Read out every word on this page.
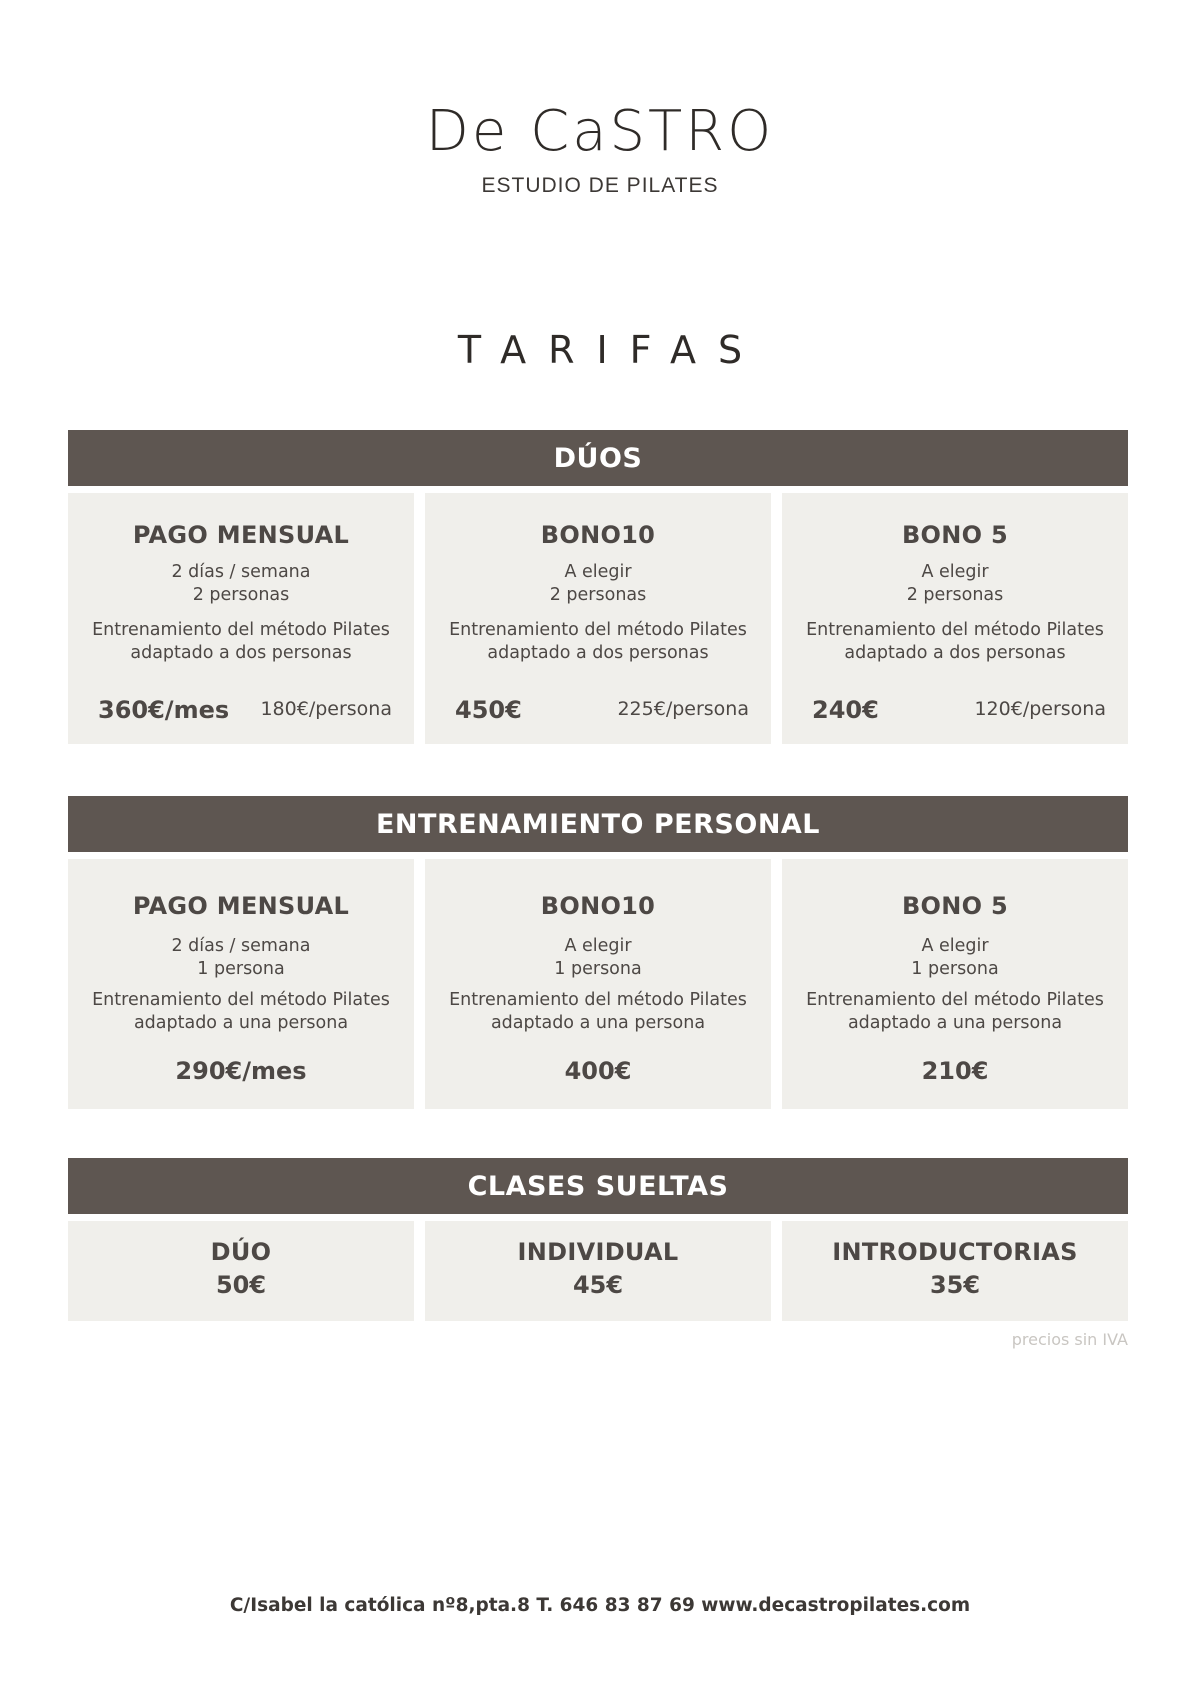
De CaSTRO
ESTUDIO DE PILATES
TARIFAS
DÚOS
PAGO MENSUAL
2 días / semana
2 personas
Entrenamiento del método Pilates
adaptado a dos personas
360€/mes 180€/persona
BONO10
A elegir
2 personas
Entrenamiento del método Pilates
adaptado a dos personas
450€	225€/persona
BONO 5
A elegir
2 personas
Entrenamiento del método Pilates
adaptado a dos personas
240€	120€/persona
ENTRENAMIENTO PERSONAL
PAGO MENSUAL
2 días / semana
1 persona
Entrenamiento del método Pilates
adaptado a una persona
290€/mes
BONO10
A elegir
1 persona
Entrenamiento del método Pilates
adaptado a una persona
400€
BONO 5
A elegir
1 persona
Entrenamiento del método Pilates
adaptado a una persona
210€
CLASES SUELTAS
DÚO
50€
INDIVIDUAL
45€
INTRODUCTORIAS
35€
precios sin IVA
C/Isabel la católica nº8,pta.8 T. 646 83 87 69 www.decastropilates.com
